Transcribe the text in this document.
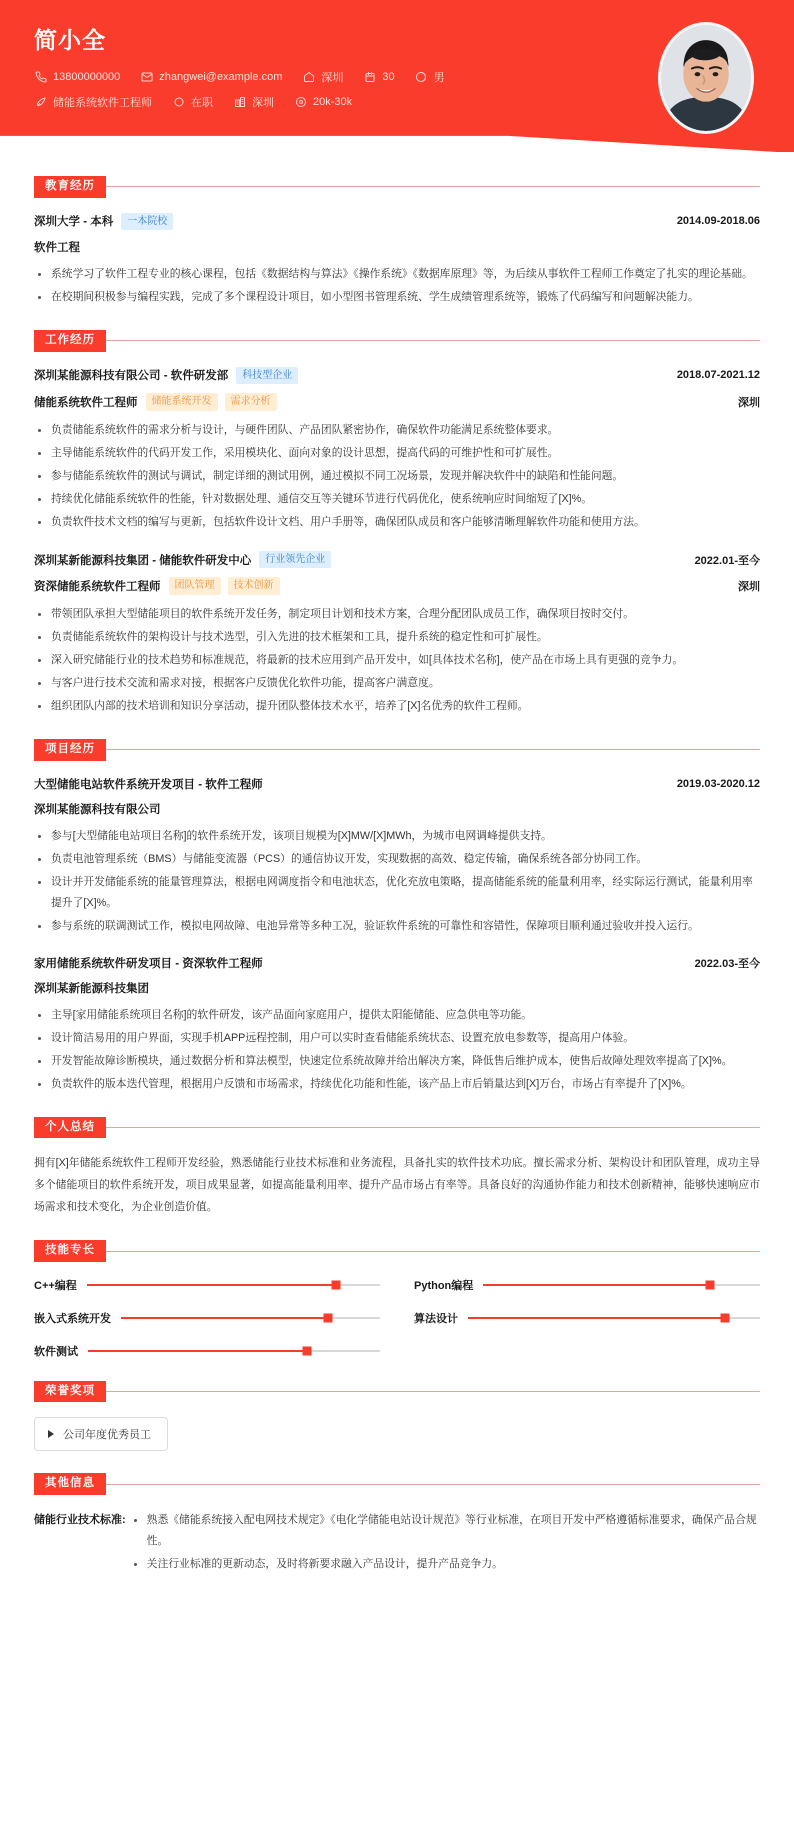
简小全
13800000000	zhangwei@example.com	深圳	30	男
储能系统软件工程师	在职	深圳	20k-30k
教育经历
深圳大学 - 本科	一本院校	2014.09-2018.06
软件工程
系统学习了软件工程专业的核心课程，包括《数据结构与算法》《操作系统》《数据库原理》等，为后续从事软件工程师工作奠定了扎实的理论基础。
在校期间积极参与编程实践，完成了多个课程设计项目，如小型图书管理系统、学生成绩管理系统等，锻炼了代码编写和问题解决能力。
工作经历
深圳某能源科技有限公司 - 软件研发部	科技型企业	2018.07-2021.12
储能系统软件工程师	储能系统开发	需求分析	深圳
负责储能系统软件的需求分析与设计，与硬件团队、产品团队紧密协作，确保软件功能满足系统整体要求。
主导储能系统软件的代码开发工作，采用模块化、面向对象的设计思想，提高代码的可维护性和可扩展性。
参与储能系统软件的测试与调试，制定详细的测试用例，通过模拟不同工况场景，发现并解决软件中的缺陷和性能问题。
持续优化储能系统软件的性能，针对数据处理、通信交互等关键环节进行代码优化，使系统响应时间缩短了[X]%。
负责软件技术文档的编写与更新，包括软件设计文档、用户手册等，确保团队成员和客户能够清晰理解软件功能和使用方法。
深圳某新能源科技集团 - 储能软件研发中心	行业领先企业	2022.01-至今
资深储能系统软件工程师	团队管理	技术创新	深圳
带领团队承担大型储能项目的软件系统开发任务，制定项目计划和技术方案，合理分配团队成员工作，确保项目按时交付。
负责储能系统软件的架构设计与技术选型，引入先进的技术框架和工具，提升系统的稳定性和可扩展性。
深入研究储能行业的技术趋势和标准规范，将最新的技术应用到产品开发中，如[具体技术名称]，使产品在市场上具有更强的竞争力。
与客户进行技术交流和需求对接，根据客户反馈优化软件功能，提高客户满意度。
组织团队内部的技术培训和知识分享活动，提升团队整体技术水平，培养了[X]名优秀的软件工程师。
项目经历
大型储能电站软件系统开发项目 - 软件工程师	2019.03-2020.12
深圳某能源科技有限公司
参与[大型储能电站项目名称]的软件系统开发，该项目规模为[X]MW/[X]MWh，为城市电网调峰提供支持。
负责电池管理系统（BMS）与储能变流器（PCS）的通信协议开发，实现数据的高效、稳定传输，确保系统各部分协同工作。
设计并开发储能系统的能量管理算法，根据电网调度指令和电池状态，优化充放电策略，提高储能系统的能量利用率，经实际运行测试，能量利用率提升了[X]%。
参与系统的联调测试工作，模拟电网故障、电池异常等多种工况，验证软件系统的可靠性和容错性，保障项目顺利通过验收并投入运行。
家用储能系统软件研发项目 - 资深软件工程师	2022.03-至今
深圳某新能源科技集团
主导[家用储能系统项目名称]的软件研发，该产品面向家庭用户，提供太阳能储能、应急供电等功能。
设计简洁易用的用户界面，实现手机APP远程控制，用户可以实时查看储能系统状态、设置充放电参数等，提高用户体验。
开发智能故障诊断模块，通过数据分析和算法模型，快速定位系统故障并给出解决方案，降低售后维护成本，使售后故障处理效率提高了[X]%。
负责软件的版本迭代管理，根据用户反馈和市场需求，持续优化功能和性能，该产品上市后销量达到[X]万台，市场占有率提升了[X]%。
个人总结

拥有[X]年储能系统软件工程师开发经验，熟悉储能行业技术标准和业务流程，具备扎实的软件技术功底。擅长需求分析、架构设计和团队管理，成功主导多个储能项目的软件系统开发，项目成果显著，如提高能量利用率、提升产品市场占有率等。具备良好的沟通协作能力和技术创新精神，能够快速响应市场需求和技术变化，为企业创造价值。

技能专长
C++编程	Python编程
嵌入式系统开发	算法设计
软件测试
荣誉奖项
公司年度优秀员工
其他信息
储能行业技术标准:	熟悉《储能系统接入配电网技术规定》《电化学储能电站设计规范》等行业标准，在项目开发中严格遵循标准要求，确保产品合规性。
关注行业标准的更新动态，及时将新要求融入产品设计，提升产品竞争力。
